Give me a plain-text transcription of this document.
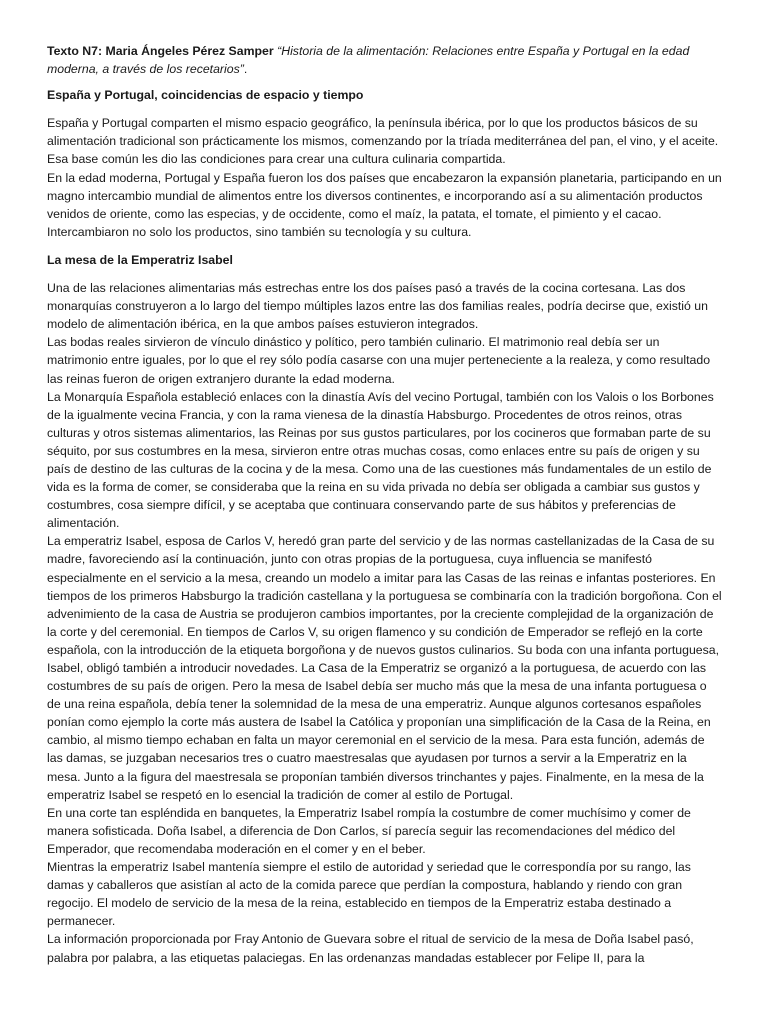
Texto N7: Maria Ángeles Pérez Samper “Historia de la alimentación: Relaciones entre España y Portugal en la edad moderna, a través de los recetarios”.
España y Portugal, coincidencias de espacio y tiempo

España y Portugal comparten el mismo espacio geográfico, la península ibérica, por lo que los productos básicos de su alimentación tradicional son prácticamente los mismos, comenzando por la tríada mediterránea del pan, el vino, y el aceite. Esa base común les dio las condiciones para crear una cultura culinaria compartida.

En la edad moderna, Portugal y España fueron los dos países que encabezaron la expansión planetaria, participando en un magno intercambio mundial de alimentos entre los diversos continentes, e incorporando así a su alimentación productos venidos de oriente, como las especias, y de occidente, como el maíz, la patata, el tomate, el pimiento y el cacao. Intercambiaron no solo los productos, sino también su tecnología y su cultura.

La mesa de la Emperatriz Isabel

Una de las relaciones alimentarias más estrechas entre los dos países pasó a través de la cocina cortesana. Las dos monarquías construyeron a lo largo del tiempo múltiples lazos entre las dos familias reales, podría decirse que, existió un modelo de alimentación ibérica, en la que ambos países estuvieron integrados.

Las bodas reales sirvieron de vínculo dinástico y político, pero también culinario. El matrimonio real debía ser un matrimonio entre iguales, por lo que el rey sólo podía casarse con una mujer perteneciente a la realeza, y como resultado las reinas fueron de origen extranjero durante la edad moderna.

La Monarquía Española estableció enlaces con la dinastía Avís del vecino Portugal, también con los Valois o los Borbones de la igualmente vecina Francia, y con la rama vienesa de la dinastía Habsburgo. Procedentes de otros reinos, otras culturas y otros sistemas alimentarios, las Reinas por sus gustos particulares, por los cocineros que formaban parte de su séquito, por sus costumbres en la mesa, sirvieron entre otras muchas cosas, como enlaces entre su país de origen y su país de destino de las culturas de la cocina y de la mesa. Como una de las cuestiones más fundamentales de un estilo de vida es la forma de comer, se consideraba que la reina en su vida privada no debía ser obligada a cambiar sus gustos y costumbres, cosa siempre difícil, y se aceptaba que continuara conservando parte de sus hábitos y preferencias de alimentación.

La emperatriz Isabel, esposa de Carlos V, heredó gran parte del servicio y de las normas castellanizadas de la Casa de su madre, favoreciendo así la continuación, junto con otras propias de la portuguesa, cuya influencia se manifestó especialmente en el servicio a la mesa, creando un modelo a imitar para las Casas de las reinas e infantas posteriores. En tiempos de los primeros Habsburgo la tradición castellana y la portuguesa se combinaría con la tradición borgoñona. Con el advenimiento de la casa de Austria se produjeron cambios importantes, por la creciente complejidad de la organización de la corte y del ceremonial. En tiempos de Carlos V, su origen flamenco y su condición de Emperador se reflejó en la corte española, con la introducción de la etiqueta borgoñona y de nuevos gustos culinarios. Su boda con una infanta portuguesa, Isabel, obligó también a introducir novedades. La Casa de la Emperatriz se organizó a la portuguesa, de acuerdo con las costumbres de su país de origen. Pero la mesa de Isabel debía ser mucho más que la mesa de una infanta portuguesa o de una reina española, debía tener la solemnidad de la mesa de una emperatriz. Aunque algunos cortesanos españoles ponían como ejemplo la corte más austera de Isabel la Católica y proponían una simplificación de la Casa de la Reina, en cambio, al mismo tiempo echaban en falta un mayor ceremonial en el servicio de la mesa. Para esta función, además de las damas, se juzgaban necesarios tres o cuatro maestresalas que ayudasen por turnos a servir a la Emperatriz en la mesa. Junto a la figura del maestresala se proponían también diversos trinchantes y pajes. Finalmente, en la mesa de la emperatriz Isabel se respetó en lo esencial la tradición de comer al estilo de Portugal.

En una corte tan espléndida en banquetes, la Emperatriz Isabel rompía la costumbre de comer muchísimo y comer de manera sofisticada. Doña Isabel, a diferencia de Don Carlos, sí parecía seguir las recomendaciones del médico del Emperador, que recomendaba moderación en el comer y en el beber.

Mientras la emperatriz Isabel mantenía siempre el estilo de autoridad y seriedad que le correspondía por su rango, las damas y caballeros que asistían al acto de la comida parece que perdían la compostura, hablando y riendo con gran regocijo. El modelo de servicio de la mesa de la reina, establecido en tiempos de la Emperatriz estaba destinado a permanecer.

La información proporcionada por Fray Antonio de Guevara sobre el ritual de servicio de la mesa de Doña Isabel pasó, palabra por palabra, a las etiquetas palaciegas. En las ordenanzas mandadas establecer por Felipe II, para la
